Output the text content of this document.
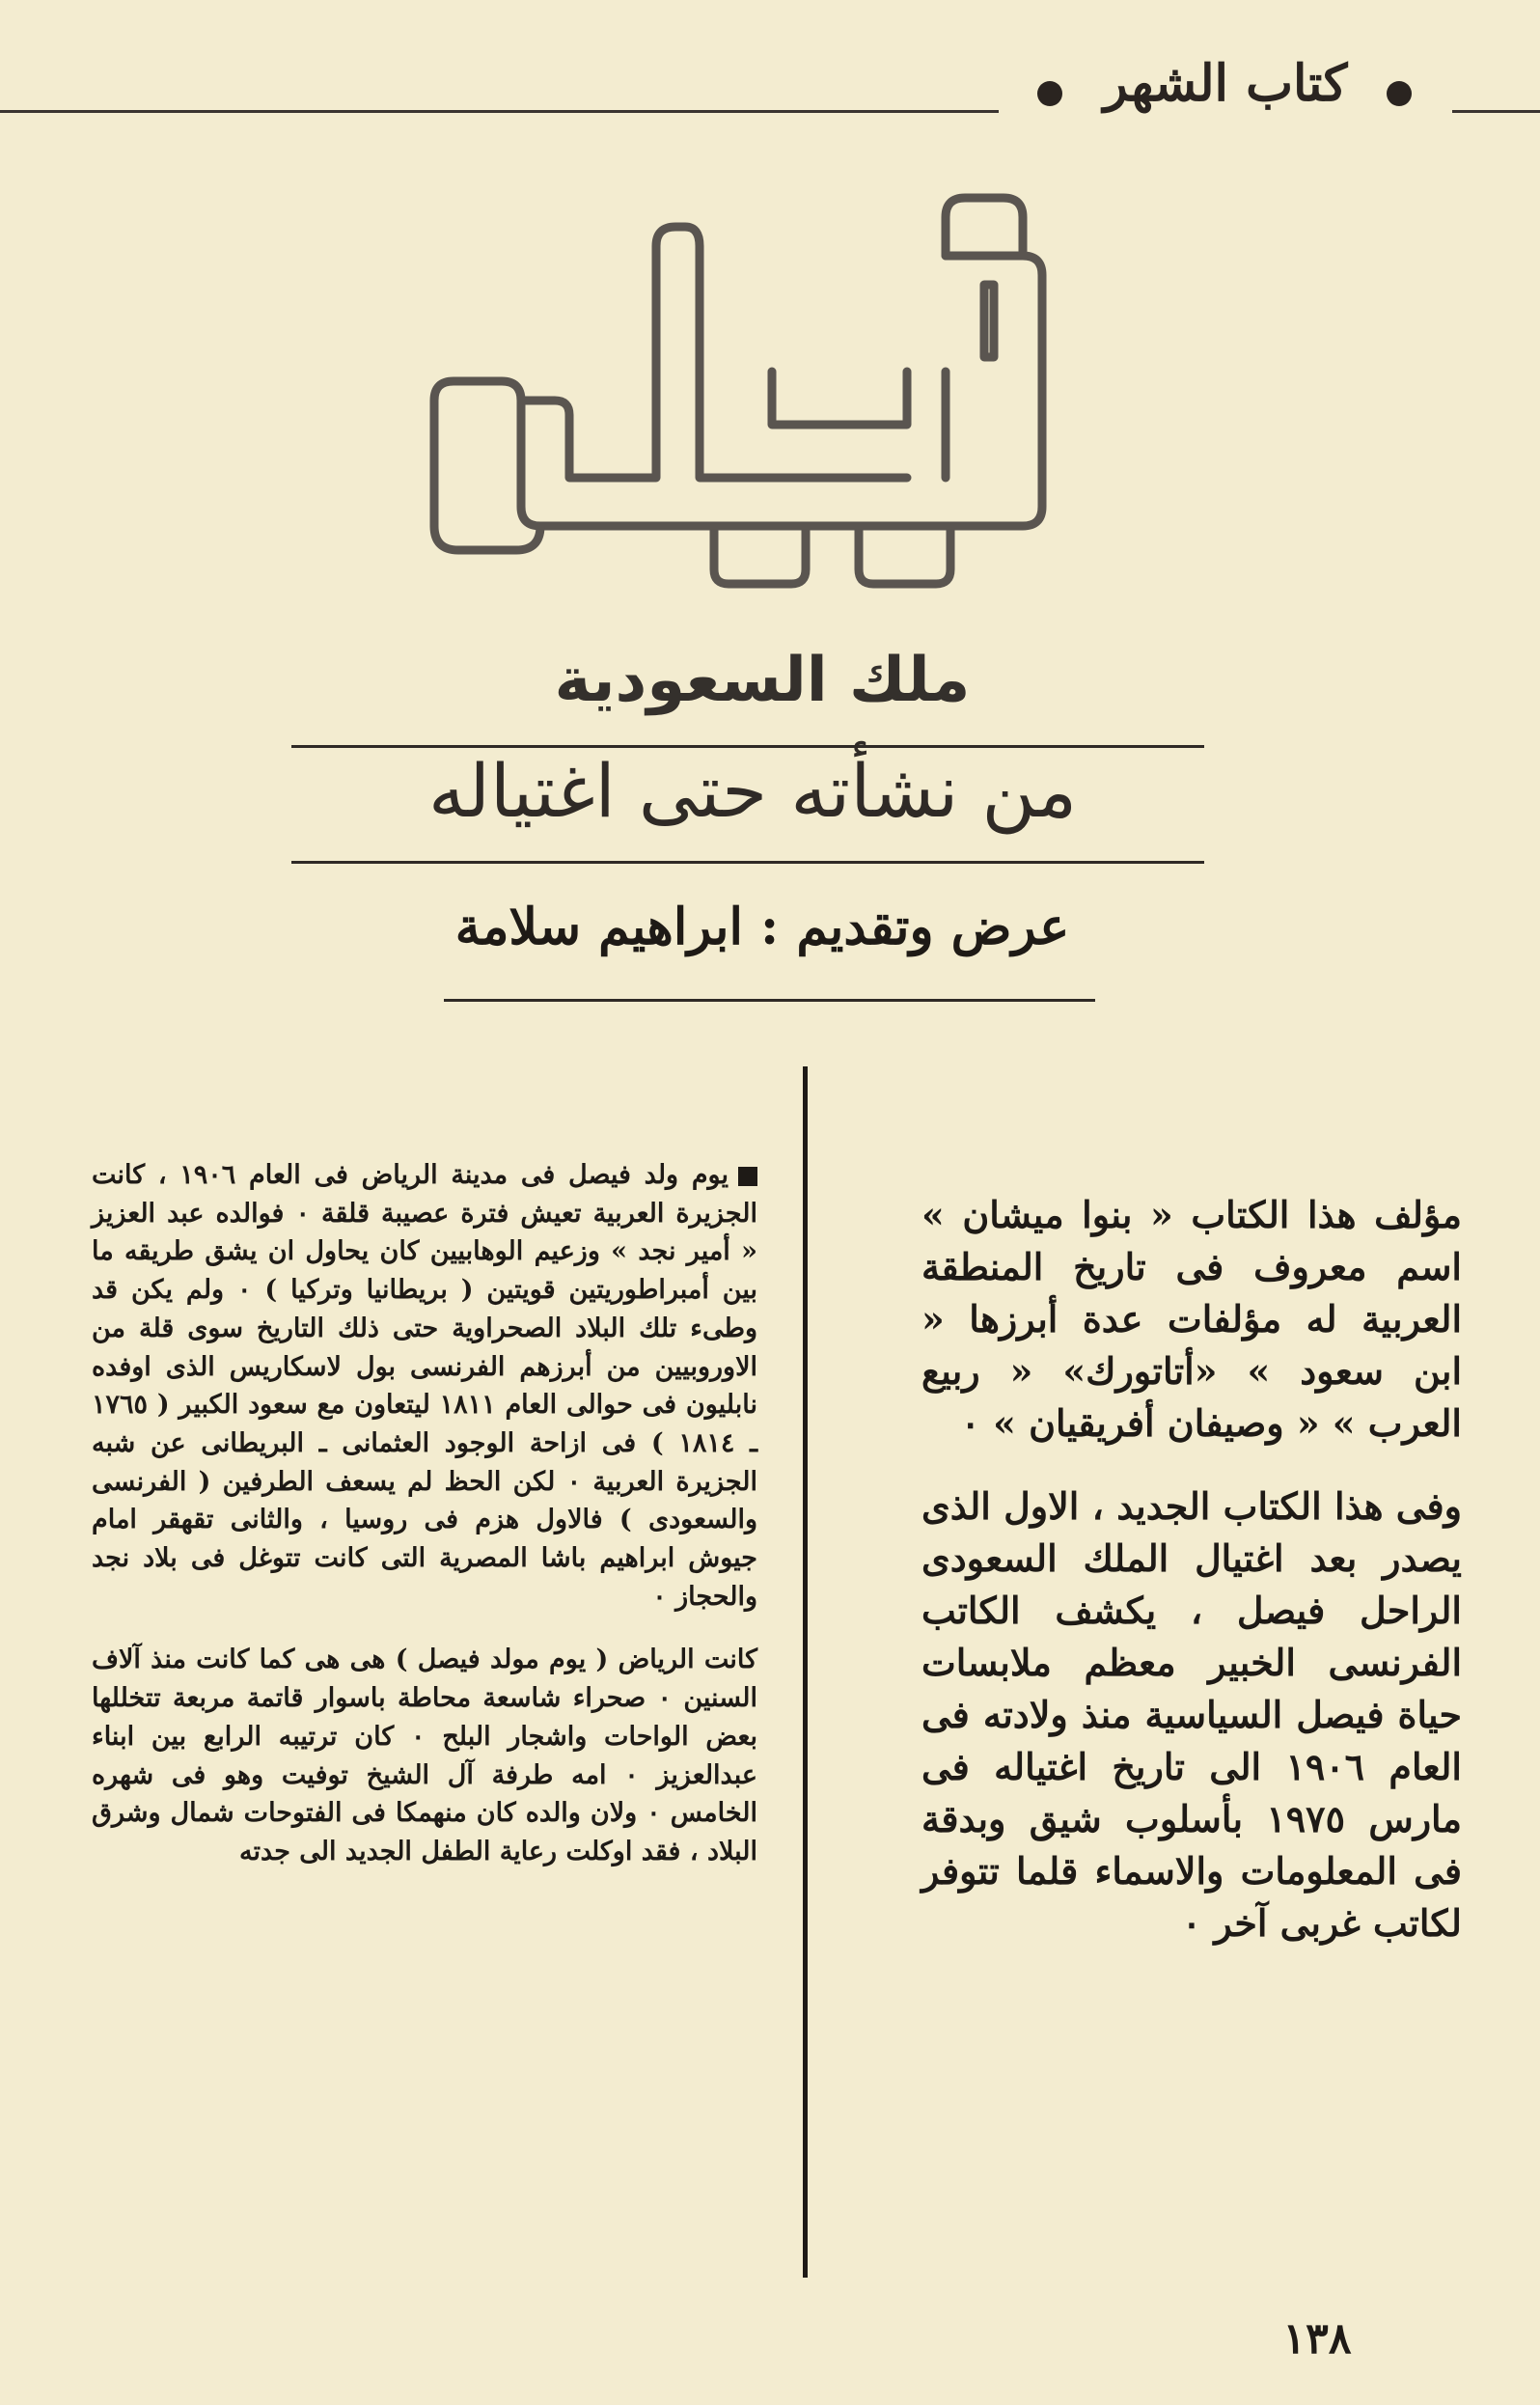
كتاب الشهر
ملك السعودية
من نشأته حتى اغتياله
عرض وتقديم : ابراهيم سلامة

مؤلف هذا الكتاب « بنوا ميشان » اسم معروف فى تاريخ المنطقة العربية له مؤلفات عدة أبرزها « ابن سعود » «أتاتورك» « ربيع العرب » « وصيفان أفريقيان » ٠

وفى هذا الكتاب الجديد ، الاول الذى يصدر بعد اغتيال الملك السعودى الراحل فيصل ، يكشف الكاتب الفرنسى الخبير معظم ملابسات حياة فيصل السياسية منذ ولادته فى العام ١٩٠٦ الى تاريخ اغتياله فى مارس ١٩٧٥ بأسلوب شيق وبدقة فى المعلومات والاسماء قلما تتوفر لكاتب غربى آخر ٠

يوم ولد فيصل فى مدينة الرياض فى العام ١٩٠٦ ، كانت الجزيرة العربية تعيش فترة عصيبة قلقة ٠ فوالده عبد العزيز « أمير نجد » وزعيم الوهابيين كان يحاول ان يشق طريقه ما بين أمبراطوريتين قويتين ( بريطانيا وتركيا ) ٠ ولم يكن قد وطىء تلك البلاد الصحراوية حتى ذلك التاريخ سوى قلة من الاوروبيين من أبرزهم الفرنسى بول لاسكاريس الذى اوفده نابليون فى حوالى العام ١٨١١ ليتعاون مع سعود الكبير ( ١٧٦٥ ـ ١٨١٤ ) فى ازاحة الوجود العثمانى ـ البريطانى عن شبه الجزيرة العربية ٠ لكن الحظ لم يسعف الطرفين ( الفرنسى والسعودى ) فالاول هزم فى روسيا ، والثانى تقهقر امام جيوش ابراهيم باشا المصرية التى كانت تتوغل فى بلاد نجد والحجاز ٠

كانت الرياض ( يوم مولد فيصل ) هى هى كما كانت منذ آلاف السنين ٠ صحراء شاسعة محاطة باسوار قاتمة مربعة تتخللها بعض الواحات واشجار البلح ٠ كان ترتيبه الرابع بين ابناء عبدالعزيز ٠ امه طرفة آل الشيخ توفيت وهو فى شهره الخامس ٠ ولان والده كان منهمكا فى الفتوحات شمال وشرق البلاد ، فقد اوكلت رعاية الطفل الجديد الى جدته

١٣٨
